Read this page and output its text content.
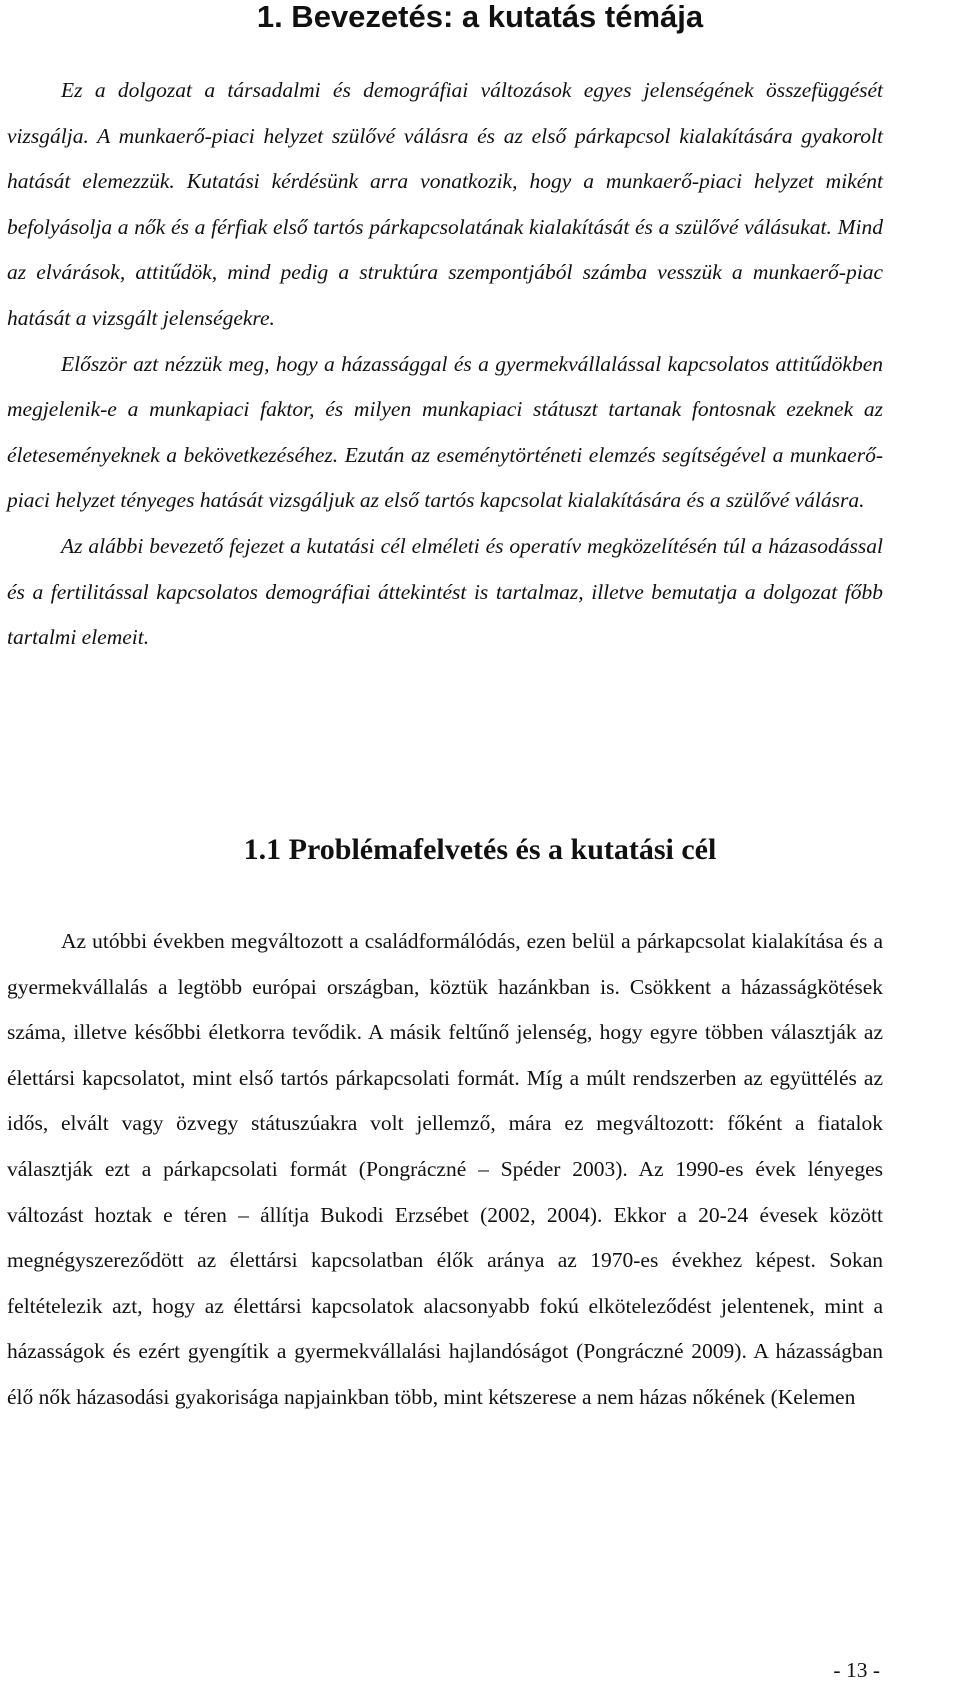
1. Bevezetés: a kutatás témája

Ez a dolgozat a társadalmi és demográfiai változások egyes jelenségének összefüggését vizsgálja. A munkaerő-piaci helyzet szülővé válásra és az első párkapcsol kialakítására gyakorolt hatását elemezzük. Kutatási kérdésünk arra vonatkozik, hogy a munkaerő-piaci helyzet miként befolyásolja a nők és a férfiak első tartós párkapcsolatának kialakítását és a szülővé válásukat. Mind az elvárások, attitűdök, mind pedig a struktúra szempontjából számba vesszük a munkaerő-piac hatását a vizsgált jelenségekre.

Először azt nézzük meg, hogy a házassággal és a gyermekvállalással kapcsolatos attitűdökben megjelenik-e a munkapiaci faktor, és milyen munkapiaci státuszt tartanak fontosnak ezeknek az életeseményeknek a bekövetkezéséhez. Ezután az eseménytörténeti elemzés segítségével a munkaerő-piaci helyzet tényeges hatását vizsgáljuk az első tartós kapcsolat kialakítására és a szülővé válásra.

Az alábbi bevezető fejezet a kutatási cél elméleti és operatív megközelítésén túl a házasodással és a fertilitással kapcsolatos demográfiai áttekintést is tartalmaz, illetve bemutatja a dolgozat főbb tartalmi elemeit.

1.1 Problémafelvetés és a kutatási cél

Az utóbbi években megváltozott a családformálódás, ezen belül a párkapcsolat kialakítása és a gyermekvállalás a legtöbb európai országban, köztük hazánkban is. Csökkent a házasságkötések száma, illetve későbbi életkorra tevődik. A másik feltűnő jelenség, hogy egyre többen választják az élettársi kapcsolatot, mint első tartós párkapcsolati formát. Míg a múlt rendszerben az együttélés az idős, elvált vagy özvegy státuszúakra volt jellemző, mára ez megváltozott: főként a fiatalok választják ezt a párkapcsolati formát (Pongráczné – Spéder 2003). Az 1990-es évek lényeges változást hoztak e téren – állítja Bukodi Erzsébet (2002, 2004). Ekkor a 20-24 évesek között megnégyszereződött az élettársi kapcsolatban élők aránya az 1970-es évekhez képest. Sokan feltételezik azt, hogy az élettársi kapcsolatok alacsonyabb fokú elköteleződést jelentenek, mint a házasságok és ezért gyengítik a gyermekvállalási hajlandóságot (Pongráczné 2009). A házasságban élő nők házasodási gyakorisága napjainkban több, mint kétszerese a nem házas nőkének (Kelemen

- 13 -
